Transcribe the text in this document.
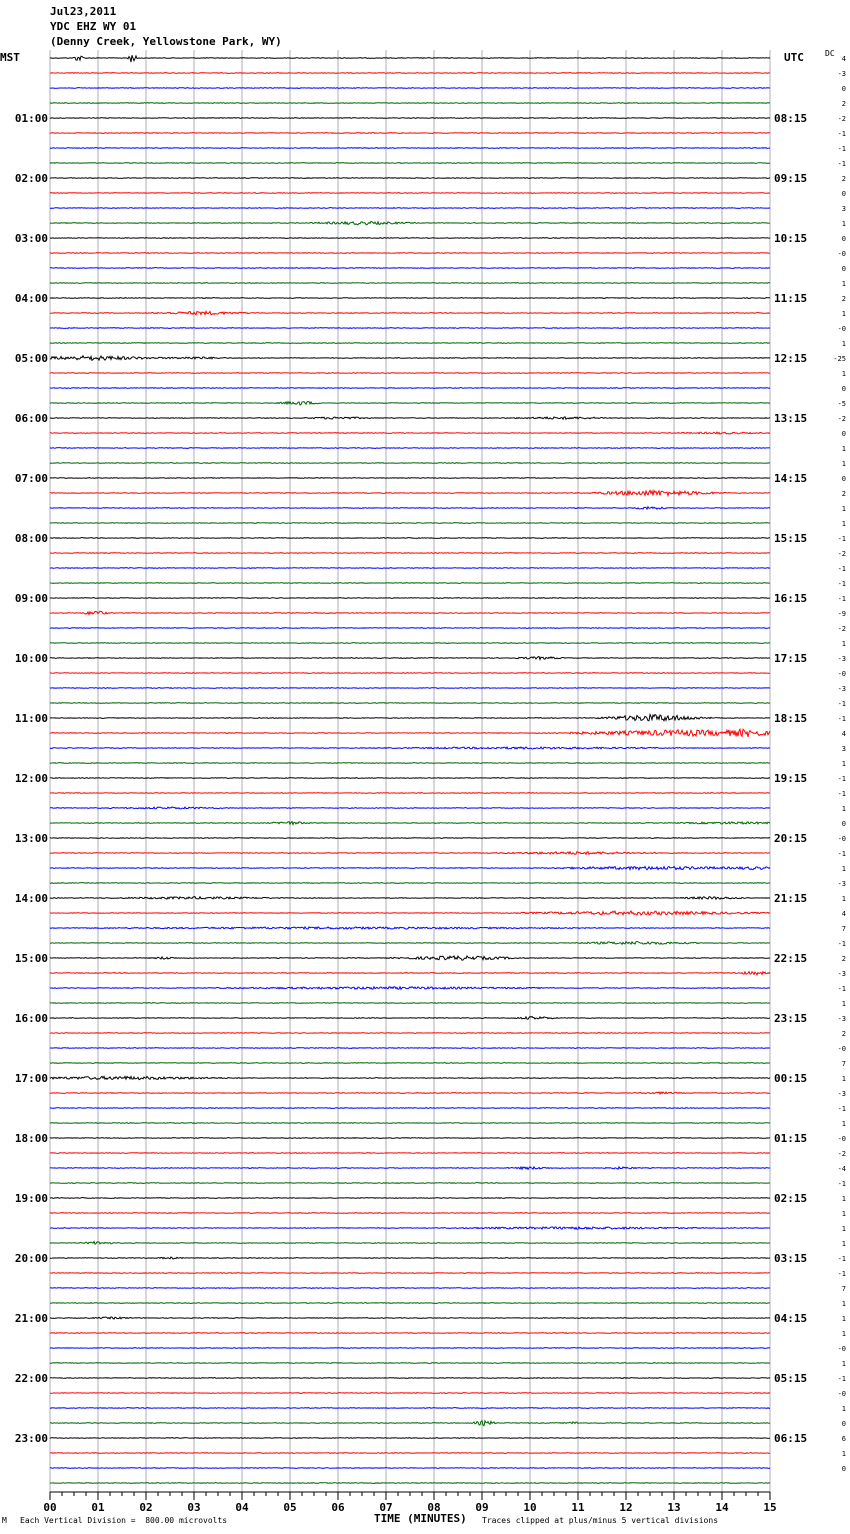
00	01	02	03	04	05	06	07	08	09	10	11	12	13	14	15
01:00
02:00
03:00
04:00
05:00
06:00
07:00
08:00
09:00
10:00
11:00
12:00
13:00
14:00
15:00
16:00
17:00
18:00
19:00
20:00
21:00
22:00
23:00
08:15
09:15
10:15
11:15
12:15
13:15
14:15
15:15
16:15
17:15
18:15
19:15
20:15
21:15
22:15
23:15
00:15
01:15
02:15
03:15
04:15
05:15
06:15
4
-3
0
2
-2
-1
-1
-1
2
0
3
1
0
-0
0
1
2
1
-0
1
-25
1
0
-5
-2
0
1
1
0
2
1
1
-1
-2
-1
-1
-1
-9
-2
1
-3
-0
-3
-1
-1
4
3
1
-1
-1
1
0
-0
-1
1
-3
1
4
7
-1
2
-3
-1
1
-3
2
-0
7
1
-3
-1
1
-0
-2
-4
-1
1
1
1
1
-1
-1
7
1
1
1
-0
1
-1
-0
1
0
6
1
0
Jul23,2011
YDC EHZ WY 01
(Denny Creek, Yellowstone Park, WY)
MST	UTC	DC
TIME (MINUTES)
M Each Vertical Division =  800.00 microvolts	Traces clipped at plus/minus 5 vertical divisions
